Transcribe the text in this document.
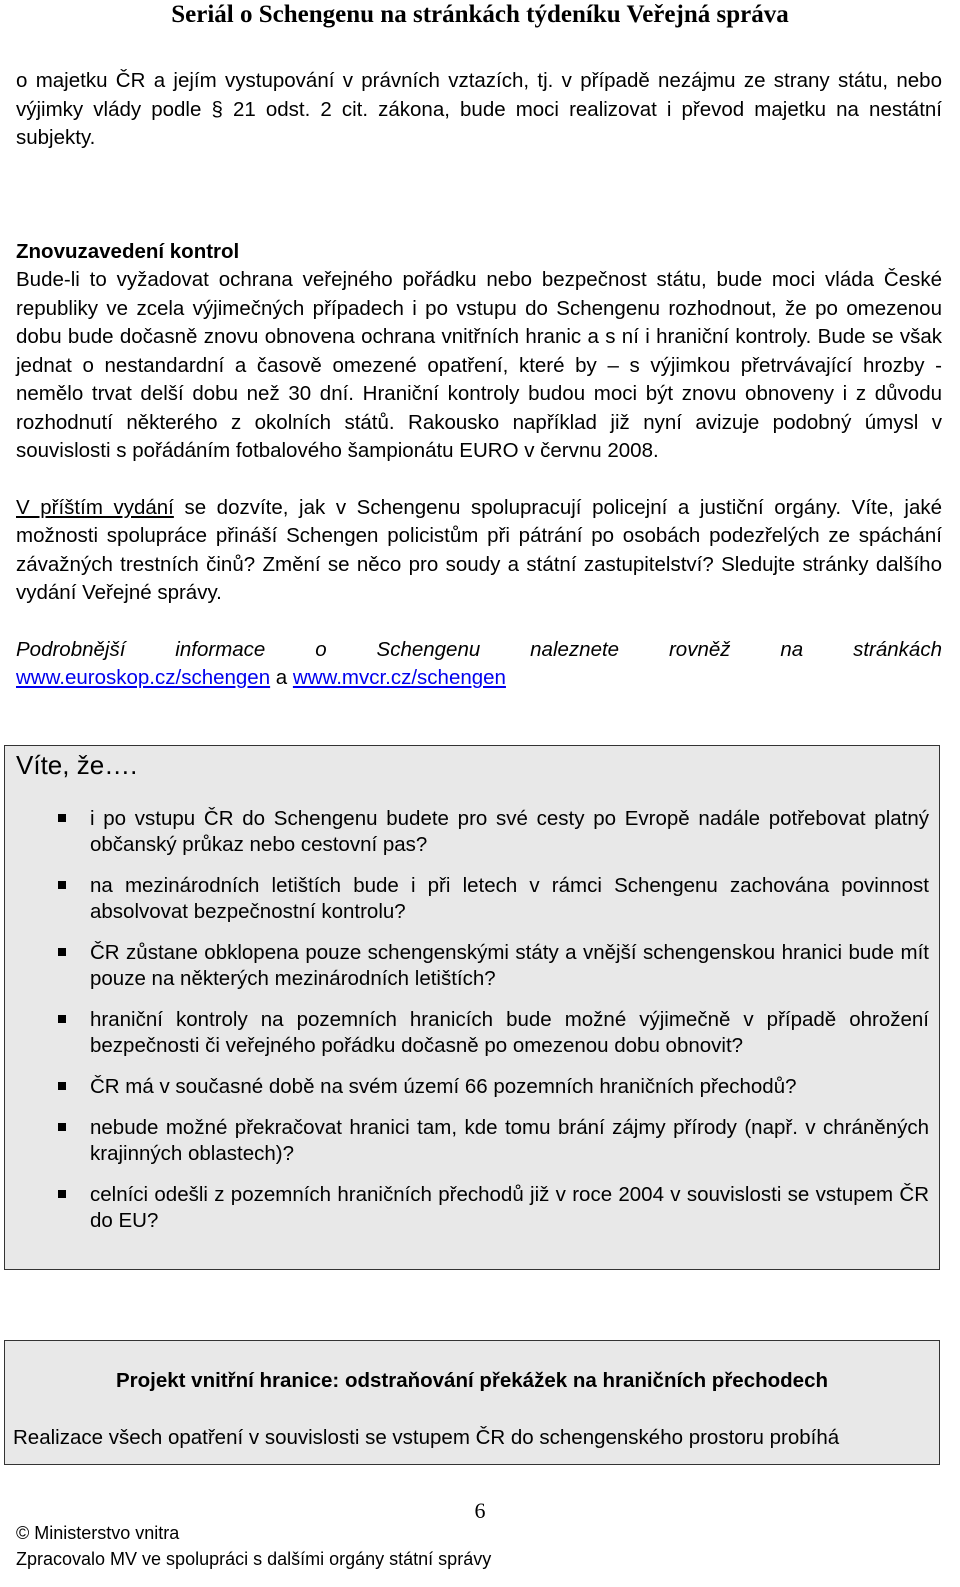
Seriál o Schengenu na stránkách týdeníku Veřejná správa

o majetku ČR a jejím vystupování v právních vztazích, tj. v případě nezájmu ze strany státu, nebo výjimky vlády podle § 21 odst. 2 cit. zákona, bude moci realizovat i převod majetku na nestátní subjekty.

Znovuzavedení kontrol

Bude-li to vyžadovat ochrana veřejného pořádku nebo bezpečnost státu, bude moci vláda České republiky ve zcela výjimečných případech i po vstupu do Schengenu rozhodnout, že po omezenou dobu bude dočasně znovu obnovena ochrana vnitřních hranic a s ní i hraniční kontroly. Bude se však jednat o nestandardní a časově omezené opatření, které by – s výjimkou přetrvávající hrozby - nemělo trvat delší dobu než 30 dní. Hraniční kontroly budou moci být znovu obnoveny i z důvodu rozhodnutí některého z okolních států. Rakousko například již nyní avizuje podobný úmysl v souvislosti s pořádáním fotbalového šampionátu EURO v červnu 2008.

V příštím vydání se dozvíte, jak v Schengenu spolupracují policejní a justiční orgány. Víte, jaké možnosti spolupráce přináší Schengen policistům při pátrání po osobách podezřelých ze spáchání závažných trestních činů? Změní se něco pro soudy a státní zastupitelství? Sledujte stránky dalšího vydání Veřejné správy.

Podrobnější informace o Schengenu naleznete rovněž na stránkách
www.euroskop.cz/schengen a www.mvcr.cz/schengen

Víte, že….
i po vstupu ČR do Schengenu budete pro své cesty po Evropě nadále potřebovat platný občanský průkaz nebo cestovní pas?
na mezinárodních letištích bude i při letech v rámci Schengenu zachována povinnost absolvovat bezpečnostní kontrolu?
ČR zůstane obklopena pouze schengenskými státy a vnější schengenskou hranici bude mít pouze na některých mezinárodních letištích?
hraniční kontroly na pozemních hranicích bude možné výjimečně v případě ohrožení bezpečnosti či veřejného pořádku dočasně po omezenou dobu obnovit?
ČR má v současné době na svém území 66 pozemních hraničních přechodů?
nebude možné překračovat hranici tam, kde tomu brání zájmy přírody (např. v chráněných krajinných oblastech)?
celníci odešli z pozemních hraničních přechodů již v roce 2004 v souvislosti se vstupem ČR do EU?
Projekt vnitřní hranice: odstraňování překážek na hraničních přechodech
Realizace všech opatření v souvislosti se vstupem ČR do schengenského prostoru probíhá
6
© Ministerstvo vnitra
Zpracovalo MV ve spolupráci s dalšími orgány státní správy
